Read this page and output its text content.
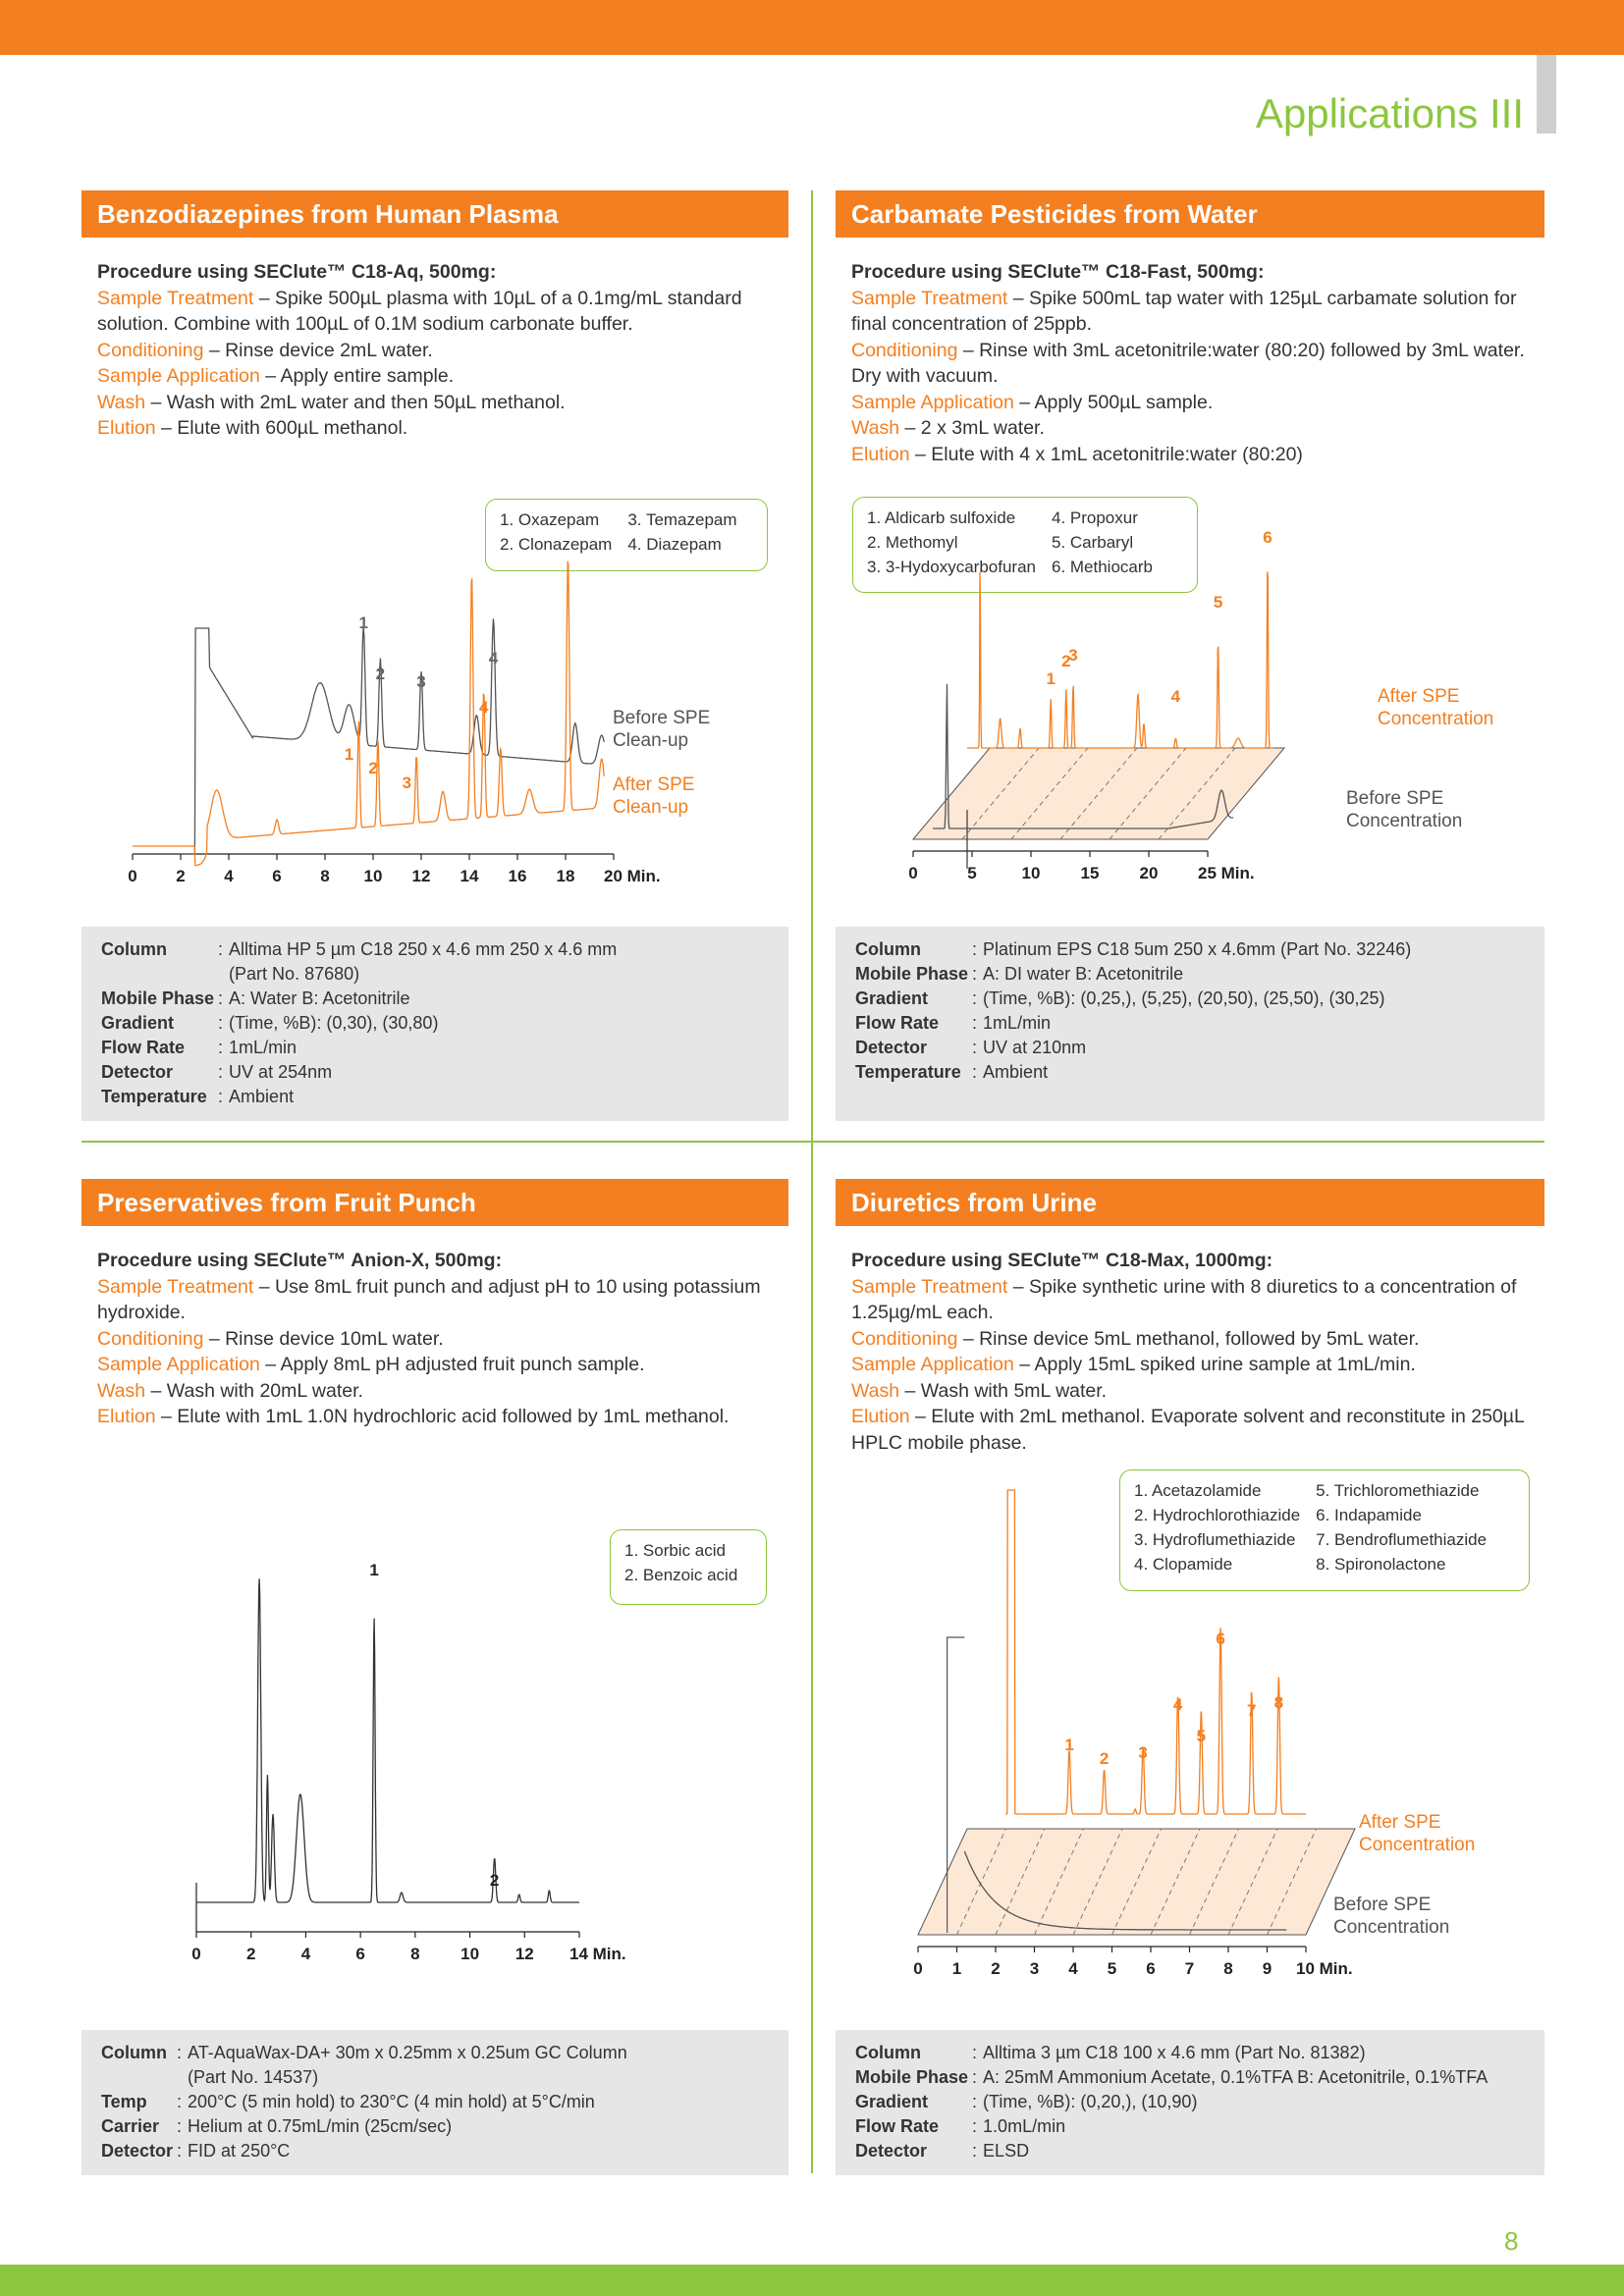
Applications III
Benzodiazepines from Human Plasma
Procedure using SEClute™ C18-Aq, 500mg:
Sample Treatment – Spike 500µL plasma with 10µL of a 0.1mg/mL standard solution. Combine with 100µL of 0.1M sodium carbonate buffer.
Conditioning – Rinse device 2mL water.
Sample Application – Apply entire sample.
Wash – Wash with 2mL water and then 50µL methanol.
Elution – Elute with 600µL methanol.
Carbamate Pesticides from Water
Procedure using SEClute™ C18-Fast, 500mg:
Sample Treatment – Spike 500mL tap water with 125µL carbamate solution for final concentration of 25ppb.
Conditioning – Rinse with 3mL acetonitrile:water (80:20) followed by 3mL water. Dry with vacuum.
Sample Application – Apply 500µL sample.
Wash – 2 x 3mL water.
Elution – Elute with 4 x 1mL acetonitrile:water (80:20)
Preservatives from Fruit Punch
Procedure using SEClute™ Anion-X, 500mg:
Sample Treatment – Use 8mL fruit punch and adjust pH to 10 using potassium hydroxide.
Conditioning – Rinse device 10mL water.
Sample Application – Apply 8mL pH adjusted fruit punch sample.
Wash – Wash with 20mL water.
Elution – Elute with 1mL 1.0N hydrochloric acid followed by 1mL methanol.
Diuretics from Urine
Procedure using SEClute™ C18-Max, 1000mg:
Sample Treatment – Spike synthetic urine with 8 diuretics to a concentration of 1.25µg/mL each.
Conditioning – Rinse device 5mL methanol, followed by 5mL water.
Sample Application – Apply 15mL spiked urine sample at 1mL/min.
Wash – Wash with 5mL water.
Elution – Elute with 2mL methanol. Evaporate solvent and reconstitute in 250µL HPLC mobile phase.
1. Oxazepam
2. Clonazepam
3. Temazepam
4. Diazepam
1. Aldicarb sulfoxide
2. Methomyl
3. 3-Hydoxycarbofuran
4. Propoxur
5. Carbaryl
6. Methiocarb
1. Sorbic acid
2. Benzoic acid
1. Acetazolamide
2. Hydrochlorothiazide
3. Hydroflumethiazide
4. Clopamide
5. Trichloromethiazide
6. Indapamide
7. Bendroflumethiazide
8. Spironolactone
0 2 4 6 8 10 12 14 16 18 20 Min.
1
2 3
4
1
2
3
4
Before SPE
Clean-up
After SPE
Clean-up
0	5	10 15 20 25 Min.
1
2
3
4
5
6
After SPE
Concentration
Before SPE
Concentration
0	2	4	6	8 10 12 14 Min.
1
2
0 1 2 3 4 5 6 7 8 9 10 Min.
1
2 3
4
5
6
7 8
After SPE
Concentration
Before SPE
Concentration
Column	:	Alltima HP 5 µm C18 250 x 4.6 mm 250 x 4.6 mm
(Part No. 87680)

Mobile Phase	:	A: Water B: Acetonitrile

Gradient	:	(Time, %B): (0,30), (30,80)

Flow Rate	:	1mL/min

Detector	:	UV at 254nm

Temperature	:	Ambient
Column	:	Platinum EPS C18 5um 250 x 4.6mm (Part No. 32246)

Mobile Phase	:	A: DI water B: Acetonitrile

Gradient	:	(Time, %B): (0,25,), (5,25), (20,50), (25,50), (30,25)

Flow Rate	:	1mL/min

Detector	:	UV at 210nm

Temperature	:	Ambient
Column	:	AT-AquaWax-DA+ 30m x 0.25mm x 0.25um GC Column
(Part No. 14537)

Temp	:	200°C (5 min hold) to 230°C (4 min hold) at 5°C/min

Carrier	:	Helium at 0.75mL/min (25cm/sec)

Detector	:	FID at 250°C
Column	:	Alltima 3 µm C18 100 x 4.6 mm (Part No. 81382)

Mobile Phase	:	A: 25mM Ammonium Acetate, 0.1%TFA B: Acetonitrile, 0.1%TFA

Gradient	:	(Time, %B): (0,20,), (10,90)

Flow Rate	:	1.0mL/min

Detector	:	ELSD
8
